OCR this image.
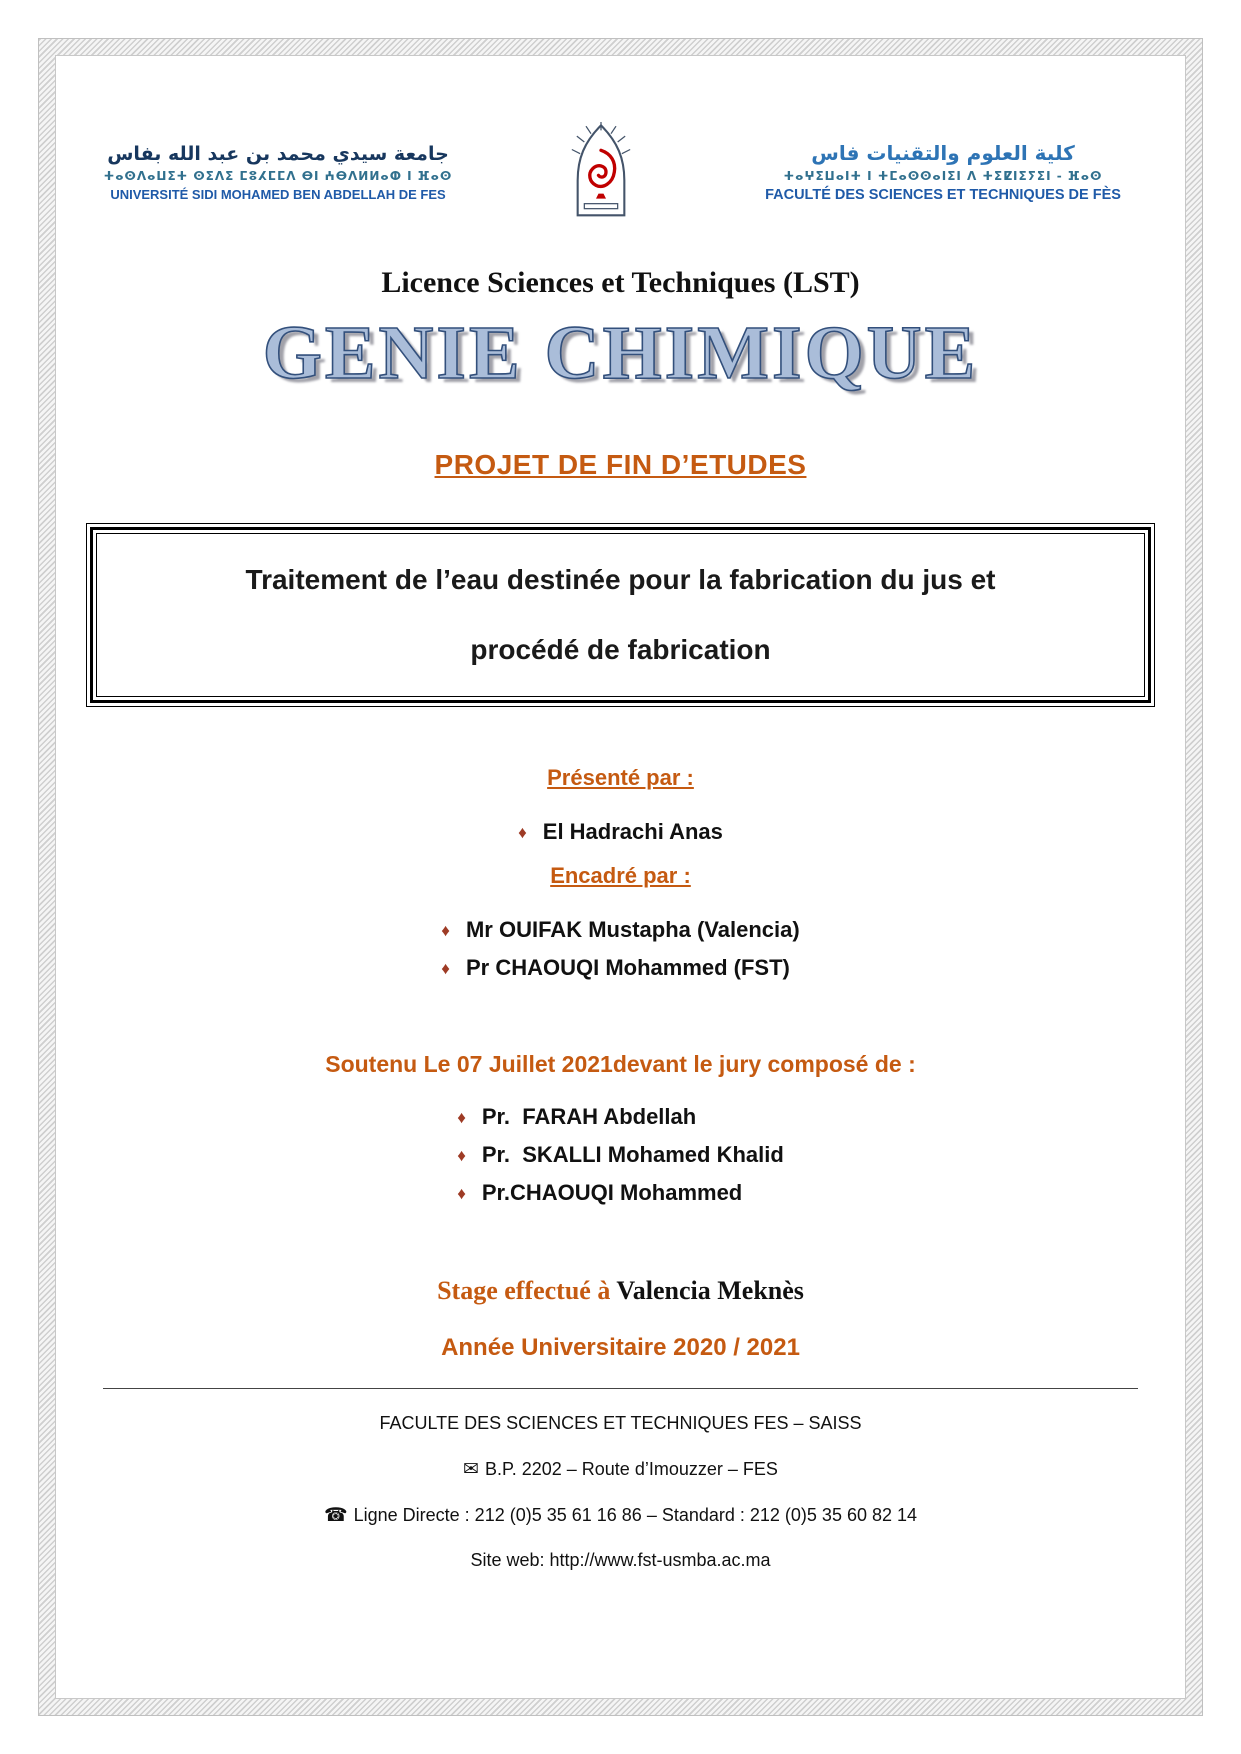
جامعة سيدي محمد بن عبد الله بفاس
ⵜⴰⵙⴷⴰⵡⵉⵜ ⵙⵉⴷⵉ ⵎⵓⵃⵎⵎⴷ ⴱⵏ ⵄⴱⴷⵍⵍⴰⵀ ⵏ ⴼⴰⵙ
UNIVERSITÉ SIDI MOHAMED BEN ABDELLAH DE FES
كلية العلوم والتقنيات فاس
ⵜⴰⵖⵉⵡⴰⵏⵜ ⵏ ⵜⵎⴰⵙⵙⴰⵏⵉⵏ ⴷ ⵜⵉⵇⵏⵉⵢⵉⵏ - ⴼⴰⵙ
FACULTÉ DES SCIENCES ET TECHNIQUES DE FÈS
Licence Sciences et Techniques (LST)
GENIE CHIMIQUE
PROJET DE FIN D’ETUDES
Traitement de l’eau destinée pour la fabrication du jus et
procédé de fabrication
Présenté par :
♦ El Hadrachi Anas
Encadré par :
♦ Mr OUIFAK Mustapha (Valencia)
♦ Pr CHAOUQI Mohammed (FST)
Soutenu Le 07 Juillet 2021devant le jury composé de :
♦ Pr.  FARAH Abdellah
♦ Pr.  SKALLI Mohamed Khalid
♦ Pr.CHAOUQI Mohammed
Stage effectué à Valencia Meknès
Année Universitaire 2020 / 2021
FACULTE DES SCIENCES ET TECHNIQUES FES – SAISS
✉ B.P. 2202 – Route d’Imouzzer – FES
☎ Ligne Directe : 212 (0)5 35 61 16 86 – Standard : 212 (0)5 35 60 82 14
Site web: http://www.fst-usmba.ac.ma
